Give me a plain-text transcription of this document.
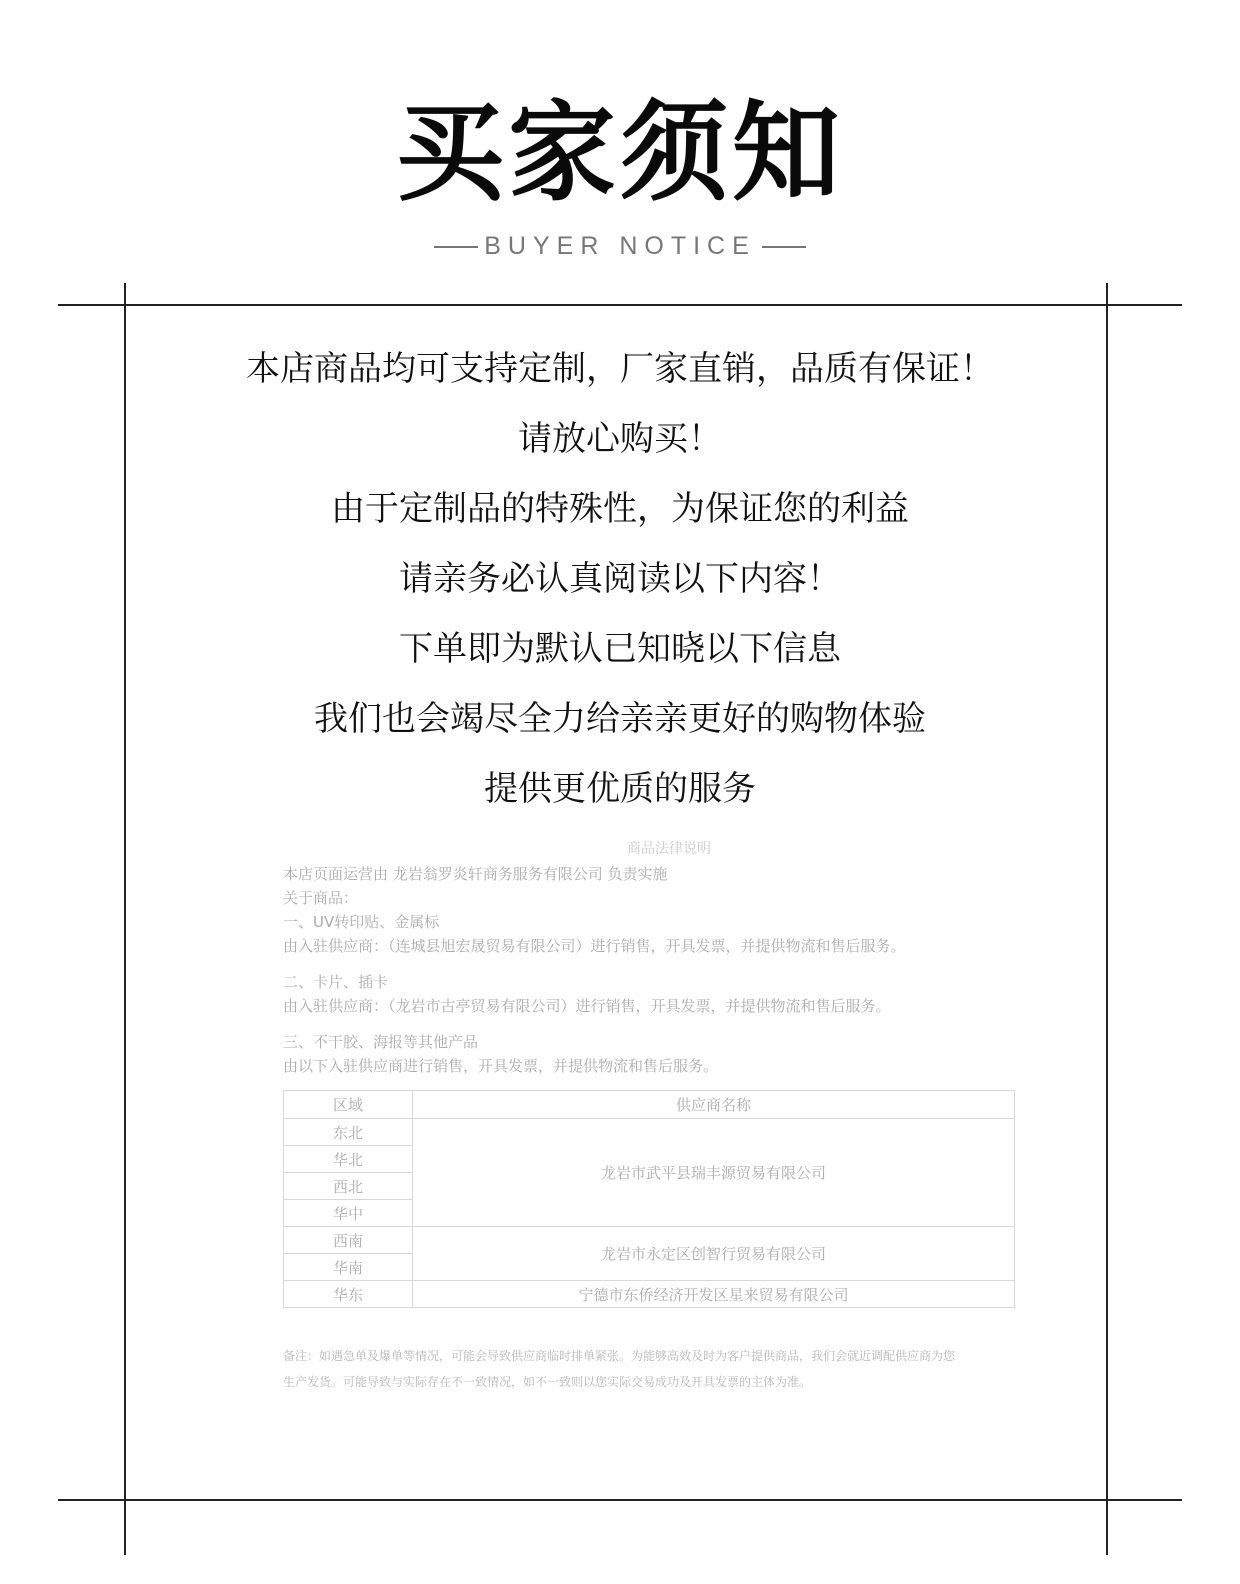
买家须知
BUYER NOTICE
本店商品均可支持定制，厂家直销，品质有保证！
请放心购买！
由于定制品的特殊性，为保证您的利益
请亲务必认真阅读以下内容！
下单即为默认已知晓以下信息
我们也会竭尽全力给亲亲更好的购物体验
提供更优质的服务
商品法律说明

本店页面运营由 龙岩翁罗炎轩商务服务有限公司 负责实施

关于商品：

一、UV转印贴、金属标

由入驻供应商：（连城县旭宏晟贸易有限公司）进行销售，开具发票，并提供物流和售后服务。

二、卡片、插卡

由入驻供应商：（龙岩市古亭贸易有限公司）进行销售，开具发票，并提供物流和售后服务。

三、不干胶、海报等其他产品

由以下入驻供应商进行销售，开具发票，并提供物流和售后服务。

区域	供应商名称
东北	龙岩市武平县瑞丰源贸易有限公司
华北	
西北	
华中	
西南	龙岩市永定区创智行贸易有限公司
华南	
华东	宁德市东侨经济开发区星来贸易有限公司
备注：如遇急单及爆单等情况，可能会导致供应商临时排单紧张。为能够高效及时为客户提供商品，我们会就近调配供应商为您
生产发货。可能导致与实际存在不一致情况，如不一致则以您实际交易成功及开具发票的主体为准。
